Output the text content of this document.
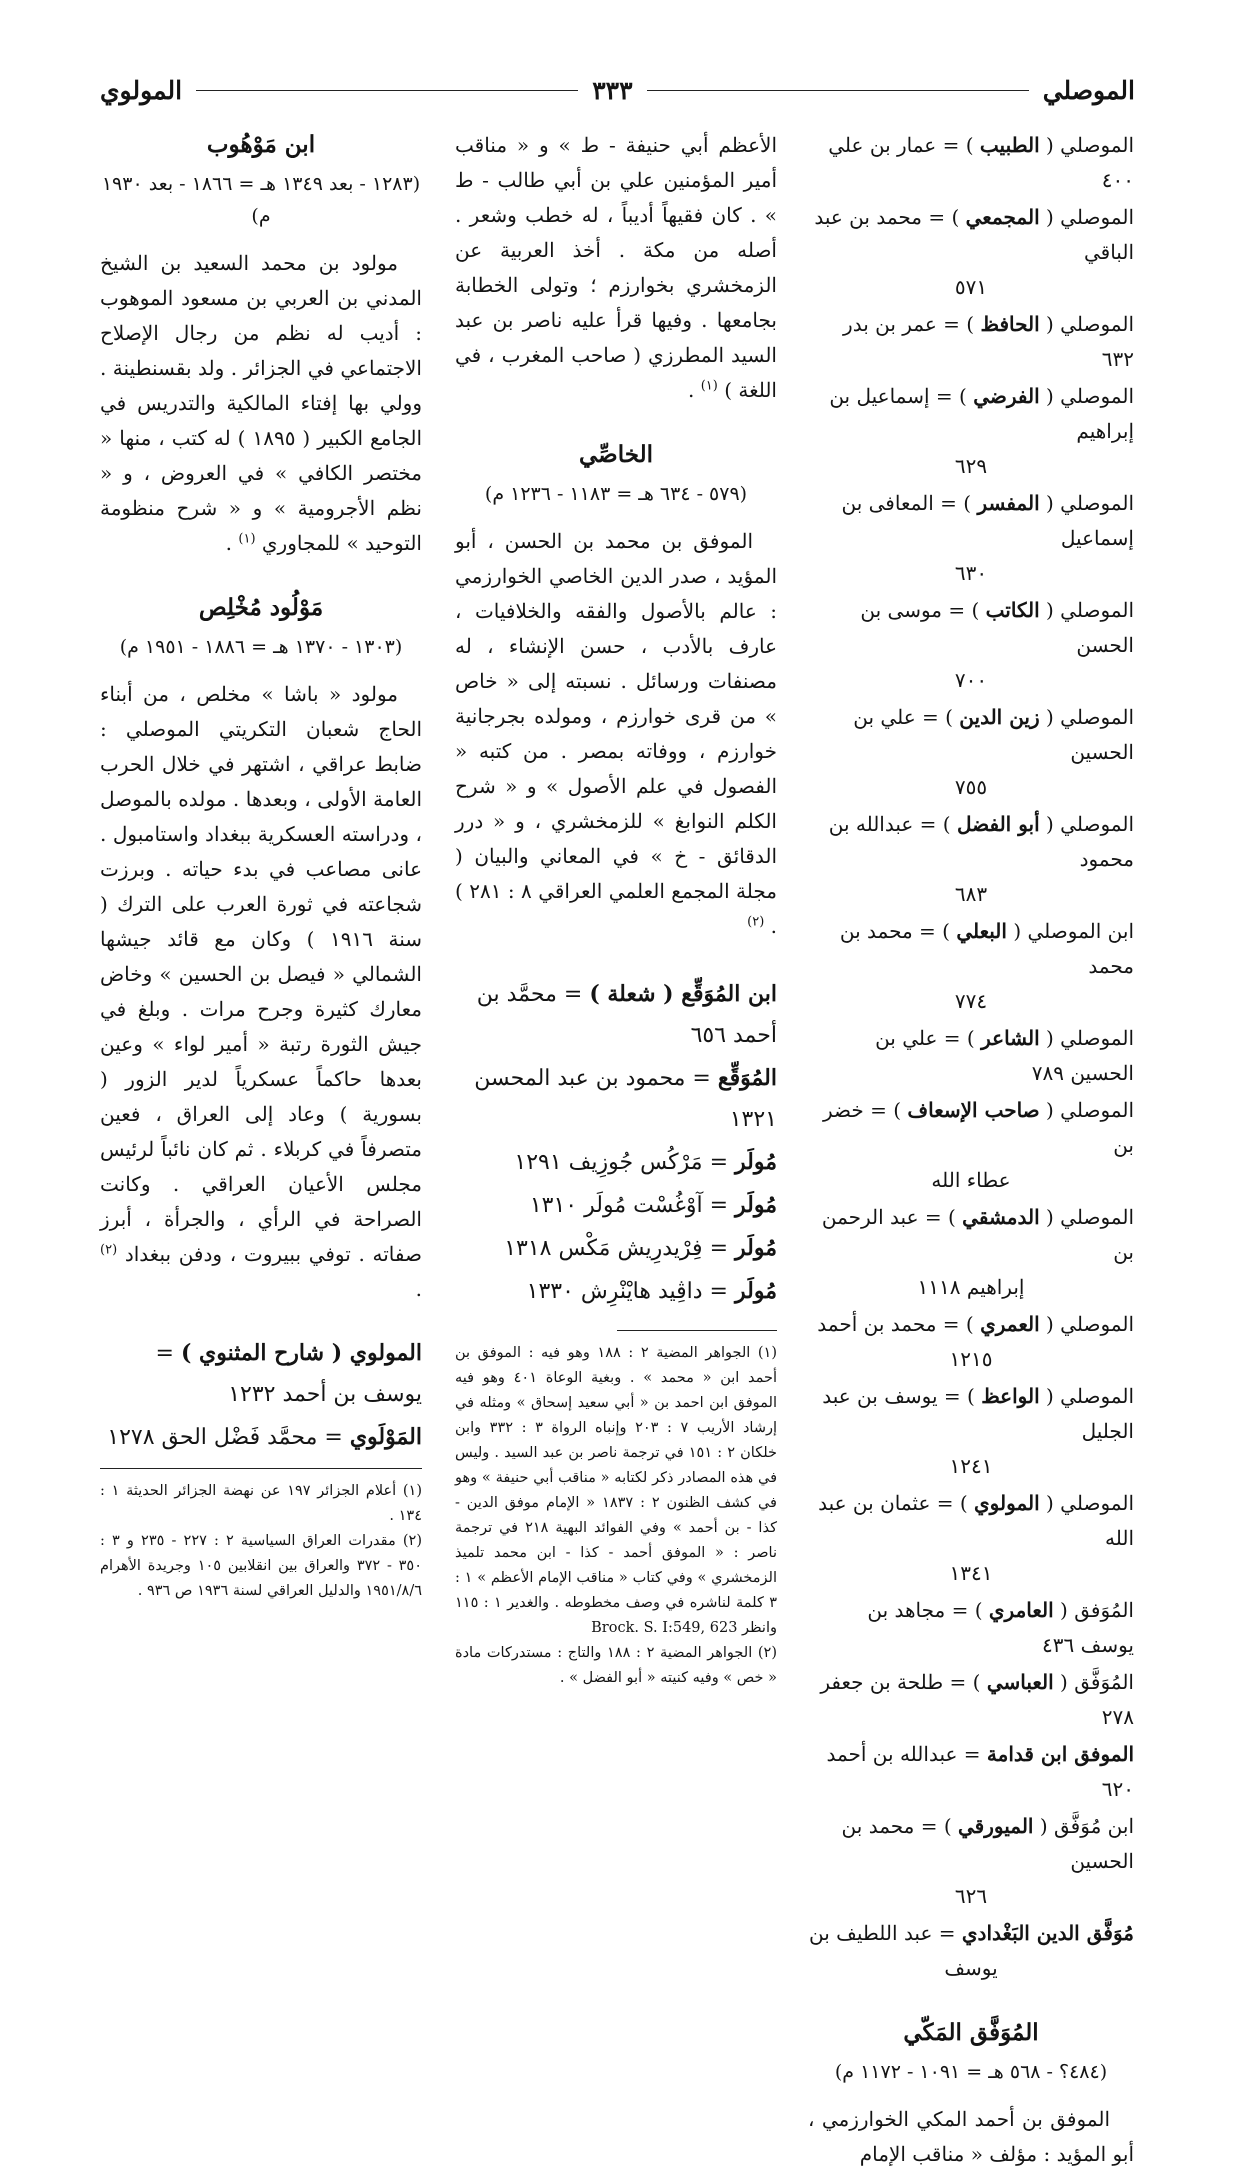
الموصلي
٣٣٣
المولوي
الموصلي ( الطبيب ) = عمار بن علي ٤٠٠
الموصلي ( المجمعي ) = محمد بن عبد الباقي
٥٧١
الموصلي ( الحافظ ) = عمر بن بدر ٦٣٢
الموصلي ( الفرضي ) = إسماعيل بن إبراهيم
٦٢٩
الموصلي ( المفسر ) = المعافى بن إسماعيل
٦٣٠
الموصلي ( الكاتب ) = موسى بن الحسن
٧٠٠
الموصلي ( زين الدين ) = علي بن الحسين
٧٥٥
الموصلي ( أبو الفضل ) = عبدالله بن محمود
٦٨٣
ابن الموصلي ( البعلي ) = محمد بن محمد
٧٧٤
الموصلي ( الشاعر ) = علي بن الحسين ٧٨٩
الموصلي ( صاحب الإسعاف ) = خضر بن
عطاء الله
الموصلي ( الدمشقي ) = عبد الرحمن بن
إبراهيم ١١١٨
الموصلي ( العمري ) = محمد بن أحمد
١٢١٥
الموصلي ( الواعظ ) = يوسف بن عبد الجليل
١٢٤١
الموصلي ( المولوي ) = عثمان بن عبد الله
١٣٤١
المُوَفق ( العامري ) = مجاهد بن يوسف ٤٣٦
المُوَفَّق ( العباسي ) = طلحة بن جعفر ٢٧٨
الموفق ابن قدامة = عبدالله بن أحمد ٦٢٠
ابن مُوَفَّق ( الميورقي ) = محمد بن الحسين
٦٢٦
مُوَفَّق الدين البَغْدادي = عبد اللطيف بن
يوسف
المُوَفَّق المَكّي
(٤٨٤؟ - ٥٦٨ هـ = ١٠٩١ - ١١٧٢ م)

الموفق بن أحمد المكي الخوارزمي ، أبو المؤيد : مؤلف « مناقب الإمام

الأعظم أبي حنيفة - ط » و « مناقب أمير المؤمنين علي بن أبي طالب - ط » . كان فقيهاً أديباً ، له خطب وشعر . أصله من مكة . أخذ العربية عن الزمخشري بخوارزم ؛ وتولى الخطابة بجامعها . وفيها قرأ عليه ناصر بن عبد السيد المطرزي ( صاحب المغرب ، في اللغة ) $^{(١)}$ .

الخاصِّي
(٥٧٩ - ٦٣٤ هـ = ١١٨٣ - ١٢٣٦ م)

الموفق بن محمد بن الحسن ، أبو المؤيد ، صدر الدين الخاصي الخوارزمي : عالم بالأصول والفقه والخلافيات ، عارف بالأدب ، حسن الإنشاء ، له مصنفات ورسائل . نسبته إلى « خاص » من قرى خوارزم ، ومولده بجرجانية خوارزم ، ووفاته بمصر . من كتبه « الفصول في علم الأصول » و « شرح الكلم النوابغ » للزمخشري ، و « درر الدقائق - خ » في المعاني والبيان ( مجلة المجمع العلمي العراقي ٨ : ٢٨١ ) . $^{(٢)}$

ابن المُوَقِّع ( شعلة ) = محمَّد بن أحمد ٦٥٦
المُوَقِّع = محمود بن عبد المحسن ١٣٢١
مُولَر = مَرْكُس جُوزِيف ١٢٩١
مُولَر = آوْغُسْت مُولَر ١٣١٠
مُولَر = فِرْيدرِيش مَكْس ١٣١٨
مُولَر = داڤِيد هايْنْرِش ١٣٣٠

(١) الجواهر المضية ٢ : ١٨٨ وهو فيه : الموفق بن أحمد ابن « محمد » . وبغية الوعاة ٤٠١ وهو فيه الموفق ابن احمد بن « أبي سعيد إسحاق » ومثله في إرشاد الأريب ٧ : ٢٠٣ وإنباه الرواة ٣ : ٣٣٢ وابن خلكان ٢ : ١٥١ في ترجمة ناصر بن عبد السيد . وليس في هذه المصادر ذكر لكتابه « مناقب أبي حنيفة » وهو في كشف الظنون ٢ : ١٨٣٧ « الإمام موفق الدين - كذا - بن أحمد » وفي الفوائد البهية ٢١٨ في ترجمة ناصر : « الموفق أحمد - كذا - ابن محمد تلميذ الزمخشري » وفي كتاب « مناقب الإمام الأعظم » ١ : ٣ كلمة لناشره في وصف مخطوطه . والغدير ١ : ١١٥ وانظر Brock. S. I:549, 623

(٢) الجواهر المضية ٢ : ١٨٨ والتاج : مستدركات مادة « خص » وفيه كنيته « أبو الفضل » .

ابن مَوْهُوب
(١٢٨٣ - بعد ١٣٤٩ هـ = ١٨٦٦ - بعد ١٩٣٠ م)

مولود بن محمد السعيد بن الشيخ المدني بن العربي بن مسعود الموهوب : أديب له نظم من رجال الإصلاح الاجتماعي في الجزائر . ولد بقسنطينة . وولي بها إفتاء المالكية والتدريس في الجامع الكبير ( ١٨٩٥ ) له كتب ، منها « مختصر الكافي » في العروض ، و « نظم الأجرومية » و « شرح منظومة التوحيد » للمجاوري $^{(١)}$ .

مَوْلُود مُخْلِص
(١٣٠٣ - ١٣٧٠ هـ = ١٨٨٦ - ١٩٥١ م)

مولود « باشا » مخلص ، من أبناء الحاج شعبان التكريتي الموصلي : ضابط عراقي ، اشتهر في خلال الحرب العامة الأولى ، وبعدها . مولده بالموصل ، ودراسته العسكرية ببغداد واستامبول . عانى مصاعب في بدء حياته . وبرزت شجاعته في ثورة العرب على الترك ( سنة ١٩١٦ ) وكان مع قائد جيشها الشمالي « فيصل بن الحسين » وخاض معارك كثيرة وجرح مرات . وبلغ في جيش الثورة رتبة « أمير لواء » وعين بعدها حاكماً عسكرياً لدير الزور ( بسورية ) وعاد إلى العراق ، فعين متصرفاً في كربلاء . ثم كان نائباً لرئيس مجلس الأعيان العراقي . وكانت الصراحة في الرأي ، والجرأة ، أبرز صفاته . توفي ببيروت ، ودفن ببغداد $^{(٢)}$ .

المولوي ( شارح المثنوي ) = يوسف بن أحمد ١٢٣٢
المَوْلَوي = محمَّد فَضْل الحق ١٢٧٨

(١) أعلام الجزائر ١٩٧ عن نهضة الجزائر الحديثة ١ : ١٣٤ .

(٢) مقدرات العراق السياسية ٢ : ٢٢٧ - ٢٣٥ و ٣ : ٣٥٠ - ٣٧٢ والعراق بين انقلابين ١٠٥ وجريدة الأهرام ١٩٥١/٨/٦ والدليل العراقي لسنة ١٩٣٦ ص ٩٣٦ .
